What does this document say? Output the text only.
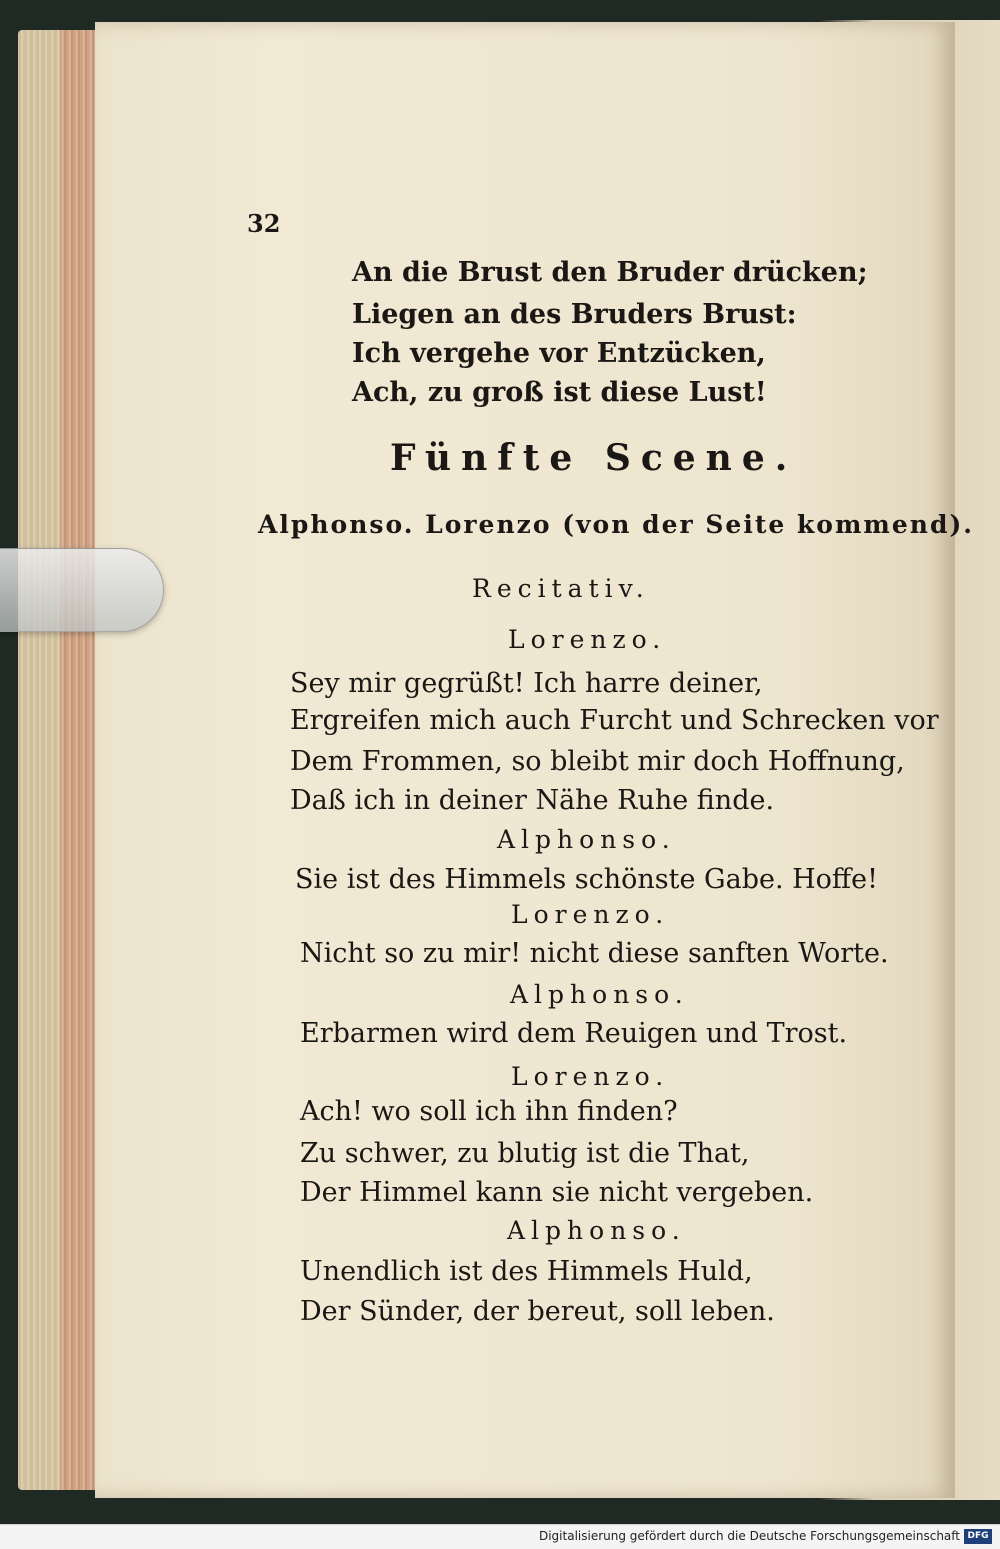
32
An die Brust den Bruder drücken;
Liegen an des Bruders Brust:
Ich vergehe vor Entzücken,
Ach, zu groß ist diese Lust!
Fünfte Scene.
Alphonso. Lorenzo (von der Seite kommend).
Recitativ.
Lorenzo.
Sey mir gegrüßt! Ich harre deiner,
Ergreifen mich auch Furcht und Schrecken vor
Dem Frommen, so bleibt mir doch Hoffnung,
Daß ich in deiner Nähe Ruhe finde.
Alphonso.
Sie ist des Himmels schönste Gabe. Hoffe!
Lorenzo.
Nicht so zu mir! nicht diese sanften Worte.
Alphonso.
Erbarmen wird dem Reuigen und Trost.
Lorenzo.
Ach! wo soll ich ihn finden?
Zu schwer, zu blutig ist die That,
Der Himmel kann sie nicht vergeben.
Alphonso.
Unendlich ist des Himmels Huld,
Der Sünder, der bereut, soll leben.
Digitalisierung gefördert durch die Deutsche Forschungsgemeinschaft DFG
